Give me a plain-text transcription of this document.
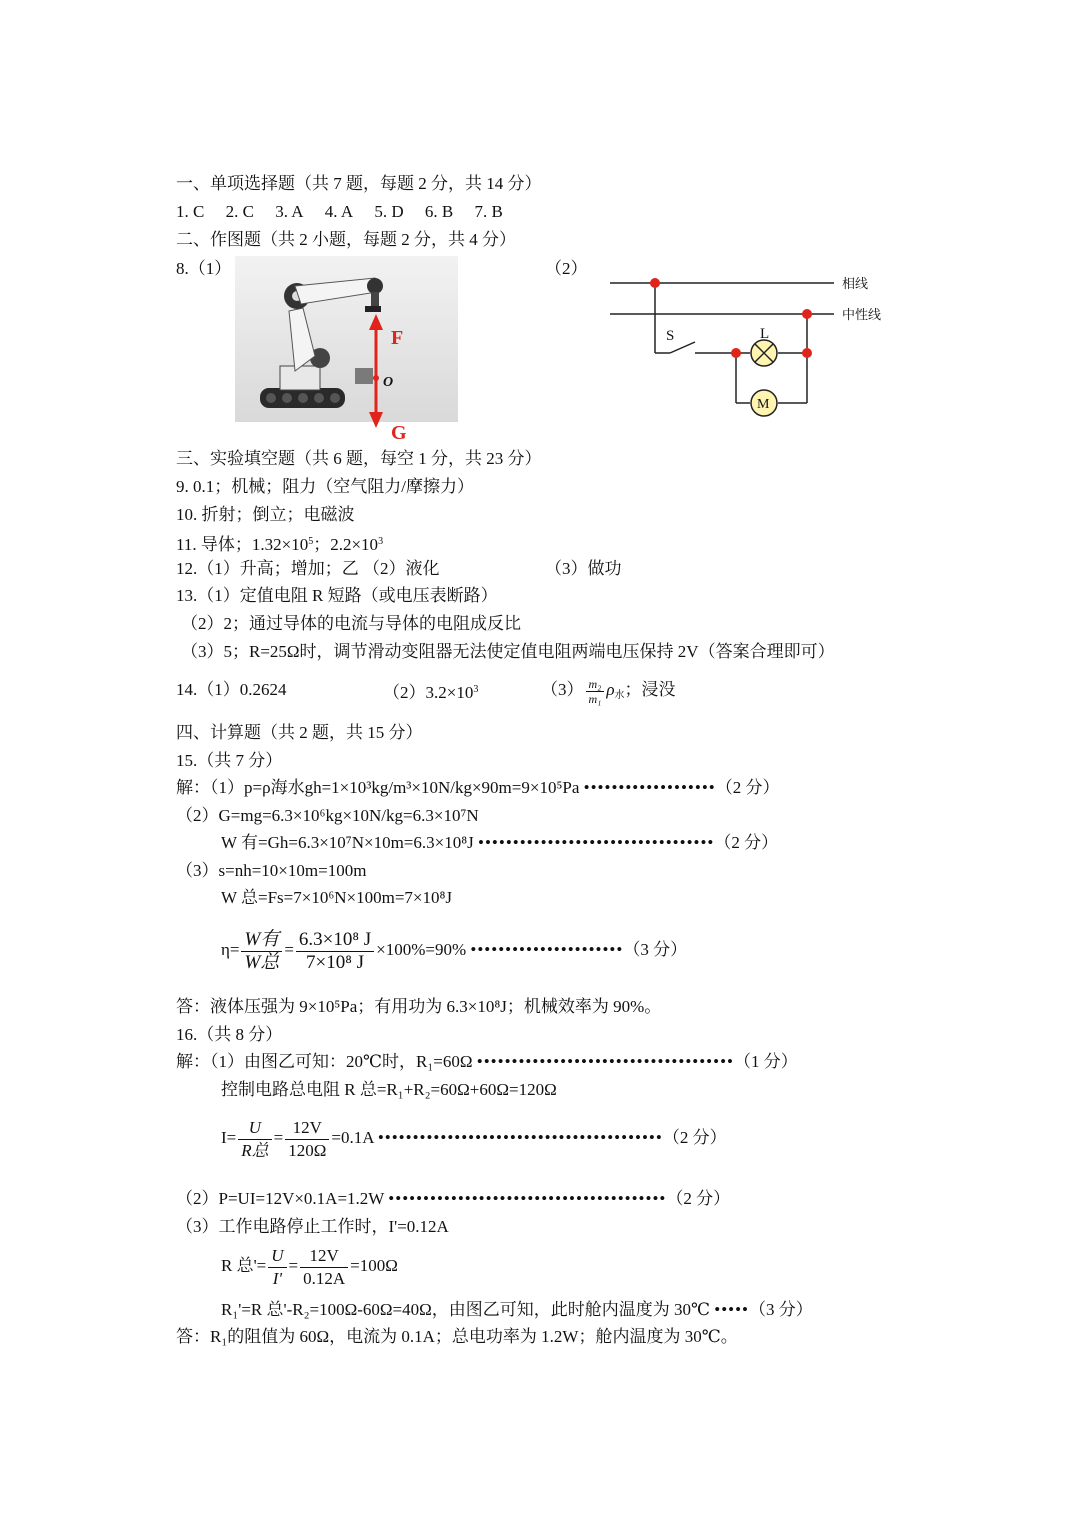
一、单项选择题（共 7 题，每题 2 分，共 14 分）
1. C 2. C 3. A 4. A 5. D 6. B 7. B
二、作图题（共 2 小题，每题 2 分，共 4 分）
8.（1）	（2）
F
O
G
相线
中性线
S	L
M
三、实验填空题（共 6 题，每空 1 分，共 23 分）
9. 0.1；机械；阻力（空气阻力/摩擦力）
10. 折射；倒立；电磁波
11. 导体；$1.32\times 10^5$；$2.2\times 10^3$
12.（1）升高；增加；乙 （2）液化	（3）做功
13.（1）定值电阻 R 短路（或电压表断路）
（2）2；通过导体的电流与导体的电阻成反比
（3）5；R=25Ω时，调节滑动变阻器无法使定值电阻两端电压保持 2V（答案合理即可）
14.（1）0.2624	$(2)3.2\times 10^3$	$(3) \frac{\text{m₂}}{\text{m₁}} \rho_水$；浸没
四、计算题（共 2 题，共 15 分）
15.（共 7 分）
解：（1）p=ρ海水gh=1×10³kg/m³×10N/kg×90m=9×10⁵Pa •••••••••••••••••••（2 分）
（2）G=mg=6.3×10⁶kg×10N/kg=6.3×10⁷N
W 有=Gh=6.3×10⁷N×10m=6.3×10⁸J ••••••••••••••••••••••••••••••••••（2 分）
（3）s=nh=10×10m=100m
W 总=Fs=7×10⁶N×100m=7×10⁸J
$\eta= \frac{\text{W有}}{\text{W总}} = \frac{\text{6.3×10⁸ J}}{\text{7×10⁸ J}} \times 100\%=90\%$ ••••••••••••••••••••••（3 分）
答：液体压强为 9×10⁵Pa；有用功为 6.3×10⁸J；机械效率为 90%。
16.（共 8 分）
解：（1）由图乙可知：20℃时，R₁=60Ω •••••••••••••••••••••••••••••••••••••（1 分）
控制电路总电阻 R 总=R₁+R₂=60Ω+60Ω=120Ω
$I= \frac{U}{\text{R总}} = \frac{12V}{120\Omega} =0.1A$ •••••••••••••••••••••••••••••••••••••••••（2 分）
（2）P=UI=12V×0.1A=1.2W ••••••••••••••••••••••••••••••••••••••••（2 分）
（3）工作电路停止工作时，I'=0.12A
R 总'= $\frac{U}{I'} = \frac{12V}{0.12A} =100\Omega$
R₁'=R 总'-R₂=100Ω-60Ω=40Ω，由图乙可知，此时舱内温度为 30℃ •••••（3 分）
答：R₁的阻值为 60Ω，电流为 0.1A；总电功率为 1.2W；舱内温度为 30℃。
